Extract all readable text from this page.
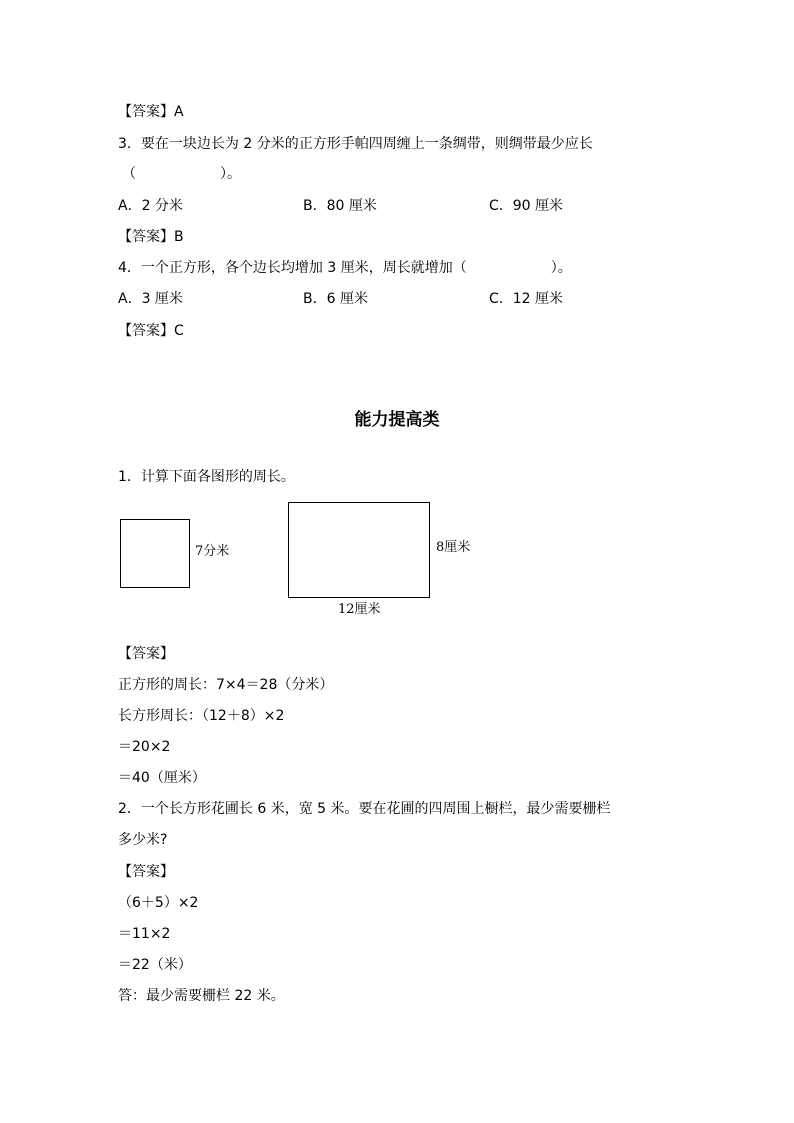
【答案】A
3．要在一块边长为 2 分米的正方形手帕四周缠上一条绸带，则绸带最少应长
（　　　　　　）。
A．2 分米	B．80 厘米	C．90 厘米
【答案】B
4．一个正方形，各个边长均增加 3 厘米，周长就增加（　　　　　　）。
A．3 厘米	B．6 厘米	C．12 厘米
【答案】C
能力提高类
1．计算下面各图形的周长。
7分米	8厘米
12厘米
【答案】
正方形的周长：7×4＝28（分米）
长方形周长：（12＋8）×2
＝20×2
＝40（厘米）
2．一个长方形花圃长 6 米，宽 5 米。要在花圃的四周围上橱栏，最少需要栅栏
多少米?
【答案】
（6＋5）×2
＝11×2
＝22（米）
答：最少需要栅栏 22 米。
